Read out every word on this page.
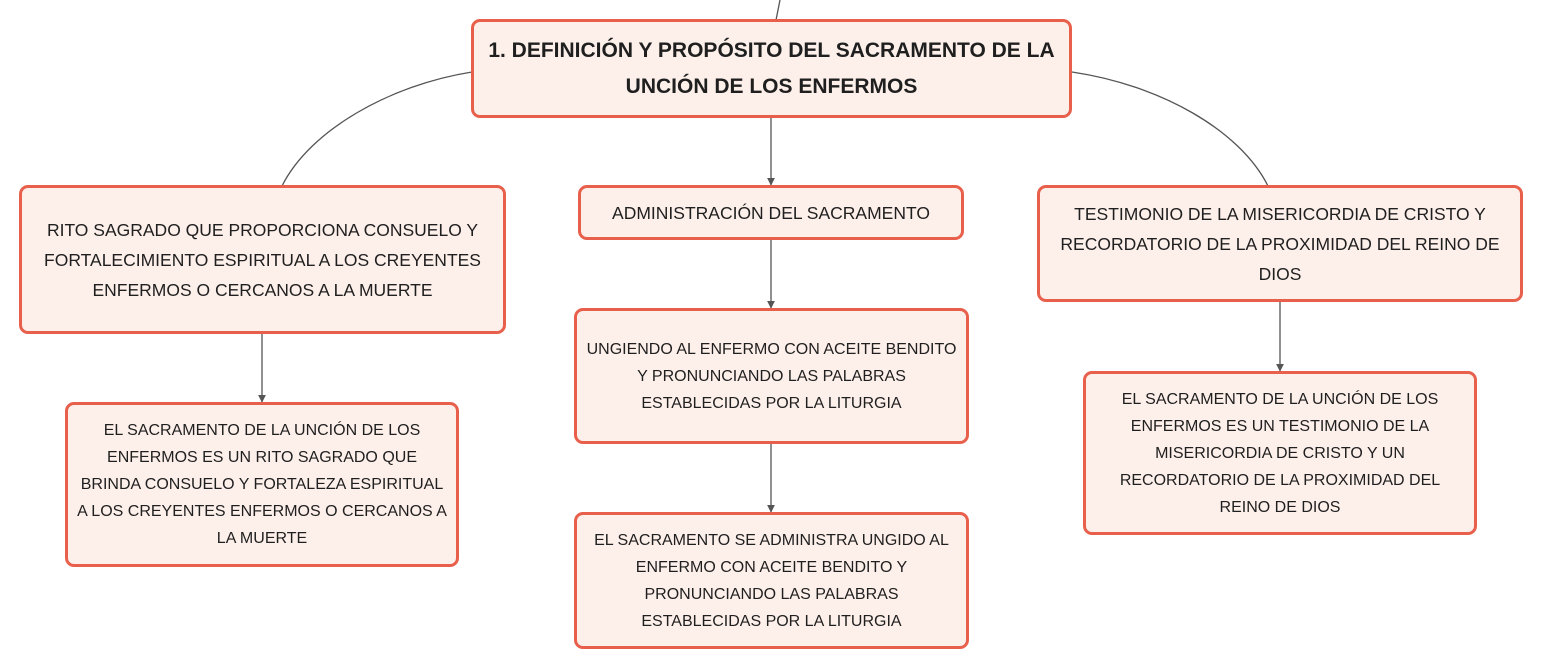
1. DEFINICIÓN Y PROPÓSITO DEL SACRAMENTO DE LA UNCIÓN DE LOS ENFERMOS
RITO SAGRADO QUE PROPORCIONA CONSUELO Y FORTALECIMIENTO ESPIRITUAL A LOS CREYENTES ENFERMOS O CERCANOS A LA MUERTE
EL SACRAMENTO DE LA UNCIÓN DE LOS ENFERMOS ES UN RITO SAGRADO QUE BRINDA CONSUELO Y FORTALEZA ESPIRITUAL A LOS CREYENTES ENFERMOS O CERCANOS A LA MUERTE
ADMINISTRACIÓN DEL SACRAMENTO
UNGIENDO AL ENFERMO CON ACEITE BENDITO Y PRONUNCIANDO LAS PALABRAS ESTABLECIDAS POR LA LITURGIA
EL SACRAMENTO SE ADMINISTRA UNGIDO AL ENFERMO CON ACEITE BENDITO Y PRONUNCIANDO LAS PALABRAS ESTABLECIDAS POR LA LITURGIA
TESTIMONIO DE LA MISERICORDIA DE CRISTO Y RECORDATORIO DE LA PROXIMIDAD DEL REINO DE DIOS
EL SACRAMENTO DE LA UNCIÓN DE LOS ENFERMOS ES UN TESTIMONIO DE LA MISERICORDIA DE CRISTO Y UN RECORDATORIO DE LA PROXIMIDAD DEL REINO DE DIOS
